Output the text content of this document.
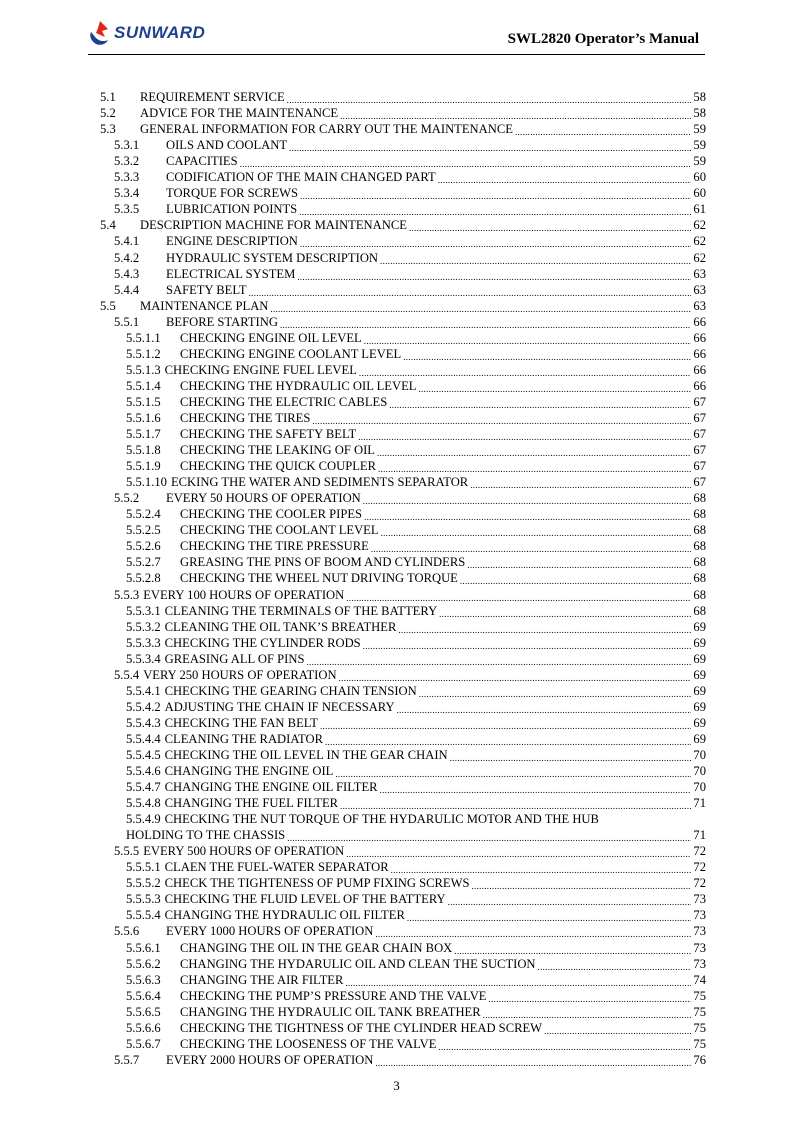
SUNWARD	SWL2820 Operator’s Manual
5.1	REQUIREMENT SERVICE .....	58
5.2	ADVICE FOR THE MAINTENANCE .....	58
5.3	GENERAL INFORMATION FOR CARRY OUT THE MAINTENANCE .....	59
5.3.1	OILS AND COOLANT .....	59
5.3.2	CAPACITIES .....	59
5.3.3	CODIFICATION OF THE MAIN CHANGED PART .....	60
5.3.4	TORQUE FOR SCREWS .....	60
5.3.5	LUBRICATION POINTS .....	61
5.4	DESCRIPTION MACHINE FOR MAINTENANCE .....	62
5.4.1	ENGINE DESCRIPTION .....	62
5.4.2	HYDRAULIC SYSTEM DESCRIPTION .....	62
5.4.3	ELECTRICAL SYSTEM .....	63
5.4.4	SAFETY BELT .....	63
5.5	MAINTENANCE PLAN .....	63
5.5.1	BEFORE STARTING .....	66
5.5.1.1	CHECKING ENGINE OIL LEVEL .....	66
5.5.1.2	CHECKING ENGINE COOLANT LEVEL .....	66
5.5.1.3 CHECKING ENGINE FUEL LEVEL .....	66
5.5.1.4	CHECKING THE HYDRAULIC OIL LEVEL .....	66
5.5.1.5	CHECKING THE ELECTRIC CABLES .....	67
5.5.1.6	CHECKING THE TIRES .....	67
5.5.1.7	CHECKING THE SAFETY BELT .....	67
5.5.1.8	CHECKING THE LEAKING OF OIL .....	67
5.5.1.9	CHECKING THE QUICK COUPLER .....	67
5.5.1.10 ECKING THE WATER AND SEDIMENTS SEPARATOR .....	67
5.5.2	EVERY 50 HOURS OF OPERATION .....	68
5.5.2.4	CHECKING THE COOLER PIPES .....	68
5.5.2.5	CHECKING THE COOLANT LEVEL .....	68
5.5.2.6	CHECKING THE TIRE PRESSURE .....	68
5.5.2.7	GREASING THE PINS OF BOOM AND CYLINDERS .....	68
5.5.2.8	CHECKING THE WHEEL NUT DRIVING TORQUE .....	68
5.5.3 EVERY 100 HOURS OF OPERATION .....	68
5.5.3.1 CLEANING THE TERMINALS OF THE BATTERY .....	68
5.5.3.2 CLEANING THE OIL TANK’S BREATHER .....	69
5.5.3.3 CHECKING THE CYLINDER RODS .....	69
5.5.3.4 GREASING ALL OF PINS .....	69
5.5.4 VERY 250 HOURS OF OPERATION .....	69
5.5.4.1 CHECKING THE GEARING CHAIN TENSION .....	69
5.5.4.2 ADJUSTING THE CHAIN IF NECESSARY .....	69
5.5.4.3 CHECKING THE FAN BELT .....	69
5.5.4.4 CLEANING THE RADIATOR .....	69
5.5.4.5 CHECKING THE OIL LEVEL IN THE GEAR CHAIN .....	70
5.5.4.6 CHANGING THE ENGINE OIL .....	70
5.5.4.7 CHANGING THE ENGINE OIL FILTER .....	70
5.5.4.8 CHANGING THE FUEL FILTER .....	71
5.5.4.9 CHECKING THE NUT TORQUE OF THE HYDARULIC MOTOR AND THE HUB
HOLDING TO THE CHASSIS .....	71
5.5.5 EVERY 500 HOURS OF OPERATION .....	72
5.5.5.1 CLAEN THE FUEL-WATER SEPARATOR .....	72
5.5.5.2 CHECK THE TIGHTENESS OF PUMP FIXING SCREWS .....	72
5.5.5.3 CHECKING THE FLUID LEVEL OF THE BATTERY .....	73
5.5.5.4 CHANGING THE HYDRAULIC OIL FILTER .....	73
5.5.6	EVERY 1000 HOURS OF OPERATION .....	73
5.5.6.1	CHANGING THE OIL IN THE GEAR CHAIN BOX .....	73
5.5.6.2	CHANGING THE HYDARULIC OIL AND CLEAN THE SUCTION .....	73
5.5.6.3	CHANGING THE AIR FILTER .....	74
5.5.6.4	CHECKING THE PUMP’S PRESSURE AND THE VALVE .....	75
5.5.6.5	CHANGING THE HYDRAULIC OIL TANK BREATHER .....	75
5.5.6.6	CHECKING THE TIGHTNESS OF THE CYLINDER HEAD SCREW .....	75
5.5.6.7	CHECKING THE LOOSENESS OF THE VALVE .....	75
5.5.7	EVERY 2000 HOURS OF OPERATION .....	76
3
